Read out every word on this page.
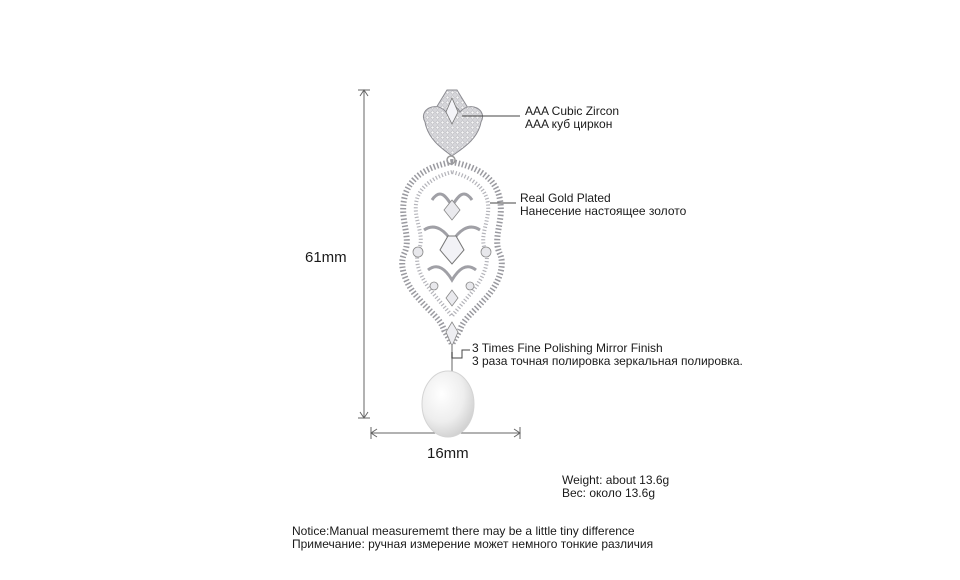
61mm
16mm
AAA Cubic Zircon
AAA куб циркон
Real Gold Plated
Нанесение настоящее золото
3 Times Fine Polishing Mirror Finish
3 раза точная полировка зеркальная полировка.
Weight: about 13.6g
Вес: около 13.6g
Notice:Manual measurememt there may be a little tiny difference
Примечание: ручная измерение может немного тонкие различия
